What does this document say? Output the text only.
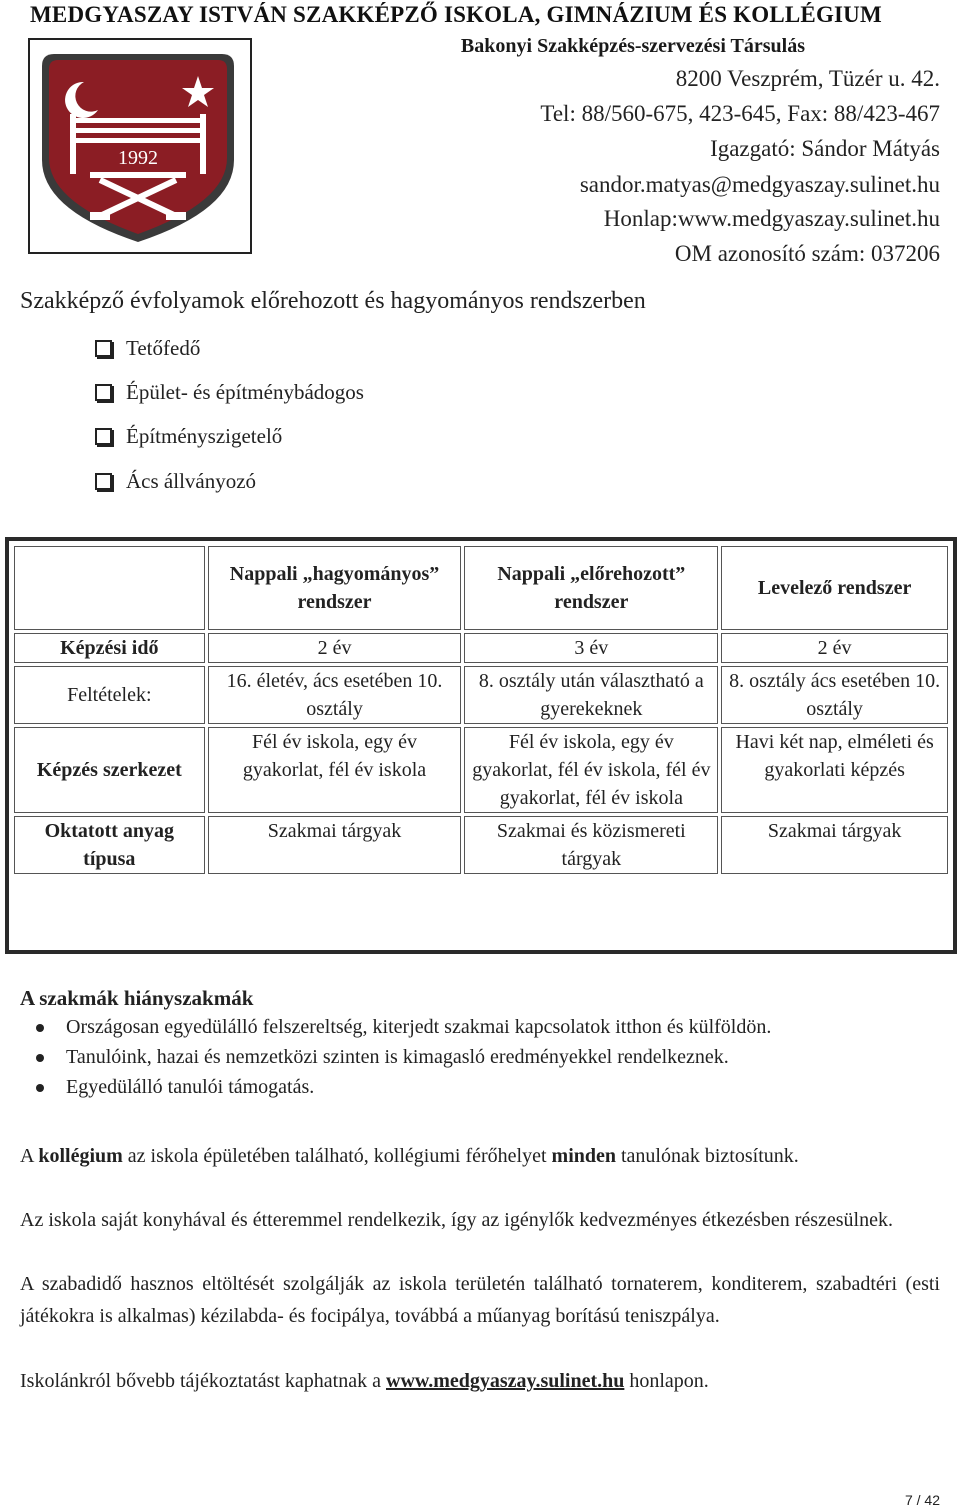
MEDGYASZAY ISTVÁN SZAKKÉPZŐ ISKOLA, GIMNÁZIUM ÉS KOLLÉGIUM
Bakonyi Szakképzés-szervezési Társulás
8200 Veszprém, Tüzér u. 42.
Tel: 88/560-675, 423-645, Fax: 88/423-467
Igazgató: Sándor Mátyás
sandor.matyas@medgyaszay.sulinet.hu
Honlap:www.medgyaszay.sulinet.hu
OM azonosító szám: 037206
1992
Szakképző évfolyamok előrehozott és hagyományos rendszerben
Tetőfedő
Épület- és építménybádogos
Építményszigetelő
Ács állványozó
	Nappali „hagyományos” rendszer	Nappali „előrehozott” rendszer	Levelező rendszer
Képzési idő	2 év	3 év	2 év
Feltételek:	16. életév, ács esetében 10. osztály	8. osztály után választható a gyerekeknek	8. osztály ács esetében 10. osztály
Képzés szerkezet	Fél év iskola, egy év gyakorlat, fél év iskola	Fél év iskola, egy év gyakorlat, fél év iskola, fél év gyakorlat, fél év iskola	Havi két nap, elméleti és gyakorlati képzés
Oktatott anyag típusa	Szakmai tárgyak	Szakmai és közismereti tárgyak	Szakmai tárgyak
A szakmák hiányszakmák
Országosan egyedülálló felszereltség, kiterjedt szakmai kapcsolatok itthon és külföldön.
Tanulóink, hazai és nemzetközi szinten is kimagasló eredményekkel rendelkeznek.
Egyedülálló tanulói támogatás.
A kollégium az iskola épületében található, kollégiumi férőhelyet minden tanulónak biztosítunk.
Az iskola saját konyhával és étteremmel rendelkezik, így az igénylők kedvezményes étkezésben részesülnek.
A szabadidő hasznos eltöltését szolgálják az iskola területén található tornaterem, konditerem, szabadtéri (esti játékokra is alkalmas) kézilabda- és focipálya, továbbá a műanyag borítású teniszpálya.
Iskolánkról bővebb tájékoztatást kaphatnak a www.medgyaszay.sulinet.hu honlapon.
7 / 42
